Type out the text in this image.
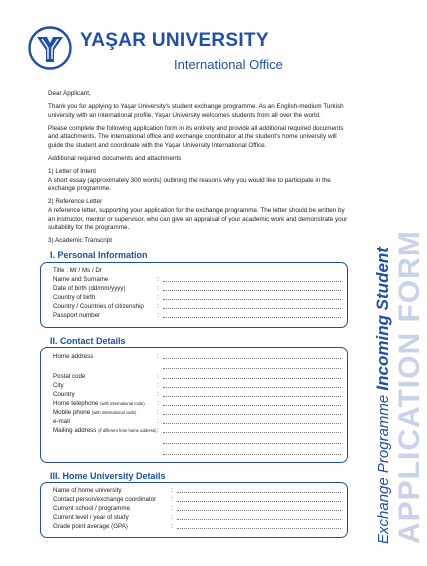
YAŞAR UNIVERSITY
International Office
Exchange Programme Incoming Student APPLICATION FORM

Dear Applicant,

Thank you for applying to Yaşar University's student exchange programme. As an English-medium Turkish university with an international profile, Yaşar University welcomes students from all over the world.

Please complete the following application form in its entirety and provide all additional required documents and attachments. The international office and exchange coordinator at the student's home university will guide the student and coordinate with the Yaşar University International Office.

Additional required documents and attachments

1) Letter of Intent

A short essay (approximately 300 words) outlining the reasons why you would like to participate in the exchange programme.

2) Reference Letter

A reference letter, supporting your application for the exchange programme. The letter should be written by an instructor, mentor or supervisor, who can give an appraisal of your academic work and demonstrate your suitability for the programme.

3) Academic Transcript

I. Personal Information
Title : Mr / Ms / Dr
Name and Surname	:
Date of birth (dd/mm/yyyy)	:
Country of birth	:
Country / Countries of citizenship :
Passport number	:
II. Contact Details
Home address	:
Postal code	:
City	:
Country	:
Home telephone (with international code) :
Mobile phone (with international code)	:
e-mail	:
Mailing address (if different from home address) :
III. Home University Details
Name of home university	:
Contact person/exchange coordinator :
Current school / programme	:
Current level / year of study	:
Grade point average (GPA)	:
